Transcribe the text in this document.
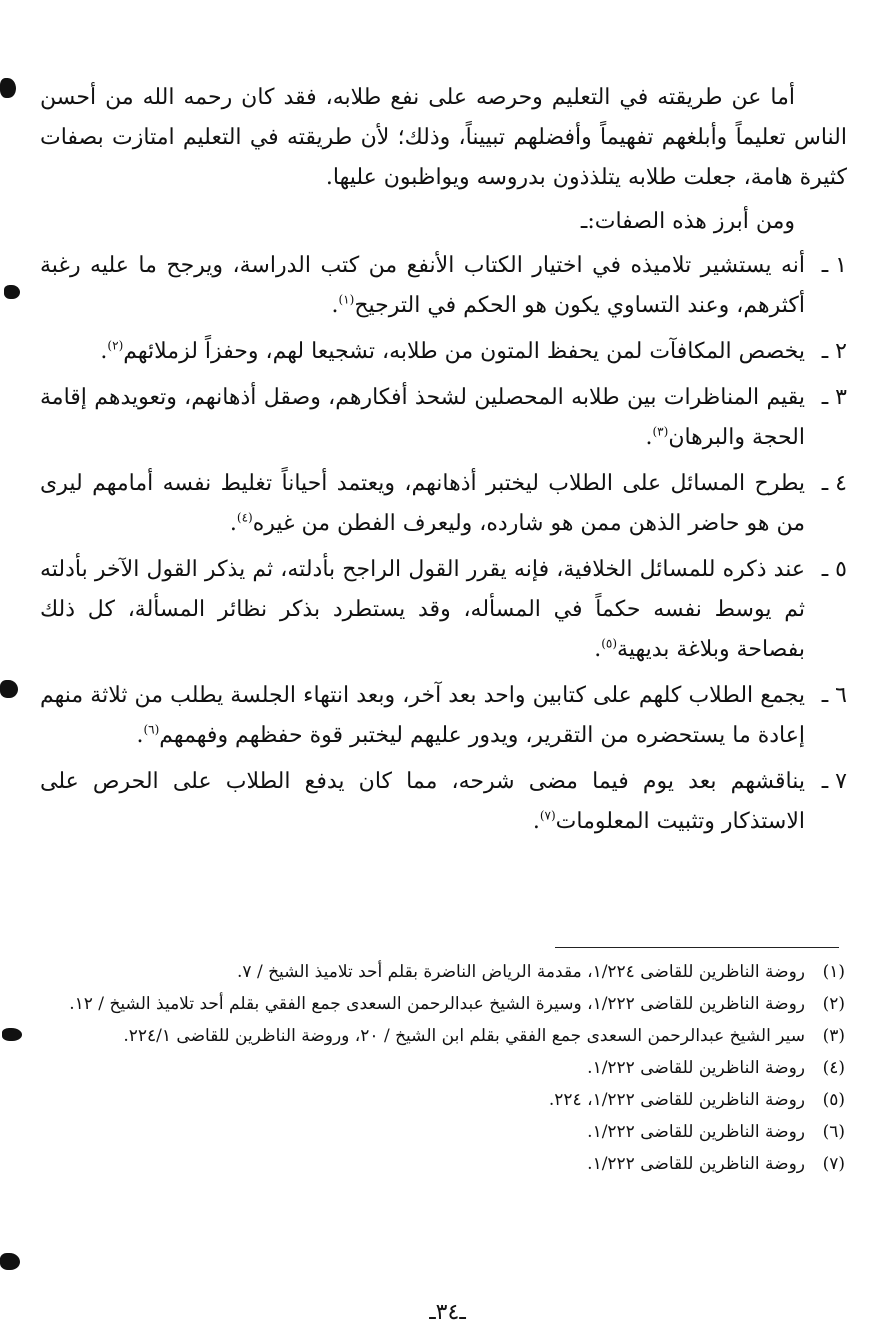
أما عن طريقته في التعليم وحرصه على نفع طلابه، فقد كان رحمه الله من أحسن الناس تعليماً وأبلغهم تفهيماً وأفضلهم تبييناً، وذلك؛ لأن طريقته في التعليم امتازت بصفات كثيرة هامة، جعلت طلابه يتلذذون بدروسه ويواظبون عليها.

ومن أبرز هذه الصفات:ـ

١ ـ
أنه يستشير تلاميذه في اختيار الكتاب الأنفع من كتب الدراسة، ويرجح ما عليه رغبة أكثرهم، وعند التساوي يكون هو الحكم في الترجيح$^{(١)}$.
٢ ـ
يخصص المكافآت لمن يحفظ المتون من طلابه، تشجيعا لهم، وحفزاً لزملائهم$^{(٢)}$.
٣ ـ
يقيم المناظرات بين طلابه المحصلين لشحذ أفكارهم، وصقل أذهانهم، وتعويدهم إقامة الحجة والبرهان$^{(٣)}$.
٤ ـ
يطرح المسائل على الطلاب ليختبر أذهانهم، ويعتمد أحياناً تغليط نفسه أمامهم ليرى من هو حاضر الذهن ممن هو شارده، وليعرف الفطن من غيره$^{(٤)}$.
٥ ـ
عند ذكره للمسائل الخلافية، فإنه يقرر القول الراجح بأدلته، ثم يذكر القول الآخر بأدلته ثم يوسط نفسه حكماً في المسأله، وقد يستطرد بذكر نظائر المسألة، كل ذلك بفصاحة وبلاغة بديهية$^{(٥)}$.
٦ ـ
يجمع الطلاب كلهم على كتابين واحد بعد آخر، وبعد انتهاء الجلسة يطلب من ثلاثة منهم إعادة ما يستحضره من التقرير، ويدور عليهم ليختبر قوة حفظهم وفهمهم$^{(٦)}$.
٧ ـ
يناقشهم بعد يوم فيما مضى شرحه، مما كان يدفع الطلاب على الحرص على الاستذكار وتثبيت المعلومات$^{(٧)}$.
(١)
روضة الناظرين للقاضى ١/٢٢٤، مقدمة الرياض الناضرة بقلم أحد تلاميذ الشيخ / ٧.
(٢)
روضة الناظرين للقاضى ١/٢٢٢، وسيرة الشيخ عبدالرحمن السعدى جمع الفقي بقلم أحد تلاميذ الشيخ / ١٢.
(٣)
سير الشيخ عبدالرحمن السعدى جمع الفقي بقلم ابن الشيخ / ٢٠، وروضة الناظرين للقاضى ٢٢٤/١.
(٤)
روضة الناظرين للقاضى ١/٢٢٢.
(٥)
روضة الناظرين للقاضى ١/٢٢٢، ٢٢٤.
(٦)
روضة الناظرين للقاضى ١/٢٢٢.
(٧)
روضة الناظرين للقاضى ١/٢٢٢.
ـ٣٤ـ
